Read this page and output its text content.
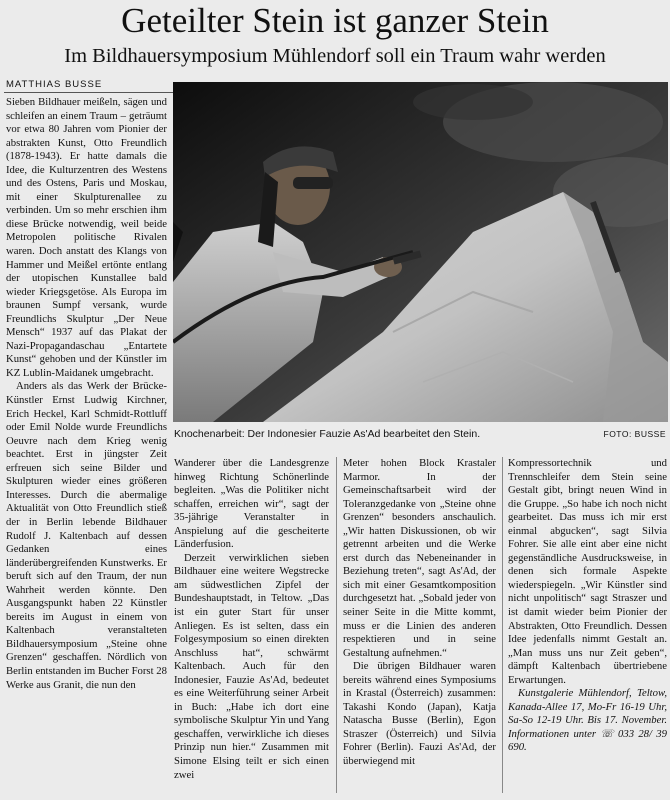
Geteilter Stein ist ganzer Stein
Im Bildhauersymposium Mühlendorf soll ein Traum wahr werden
MATTHIAS BUSSE
Knochenarbeit: Der Indonesier Fauzie As'Ad bearbeitet den Stein.	FOTO: BUSSE

Sieben Bildhauer meißeln, sägen und schleifen an einem Traum – geträumt vor etwa 80 Jahren vom Pionier der abstrakten Kunst, Otto Freundlich (1878-1943). Er hatte damals die Idee, die Kulturzentren des Westens und des Ostens, Paris und Moskau, mit einer Skulpturenallee zu verbinden. Um so mehr erschien ihm diese Brücke notwendig, weil beide Metropolen politische Rivalen waren. Doch anstatt des Klangs von Hammer und Meißel ertönte entlang der utopischen Kunstallee bald wieder Kriegsgetöse. Als Europa im braunen Sumpf versank, wurde Freundlichs Skulptur „Der Neue Mensch“ 1937 auf das Plakat der Nazi-Propagandaschau „Entartete Kunst“ gehoben und der Künstler im KZ Lublin-Maidanek umgebracht.

Anders als das Werk der Brücke-Künstler Ernst Ludwig Kirchner, Erich Heckel, Karl Schmidt-Rottluff oder Emil Nolde wurde Freundlichs Oeuvre nach dem Krieg wenig beachtet. Erst in jüngster Zeit erfreuen sich seine Bilder und Skulpturen wieder eines größeren Interesses. Durch die abermalige Aktualität von Otto Freundlich stieß der in Berlin lebende Bildhauer Rudolf J. Kaltenbach auf dessen Gedanken eines länderübergreifenden Kunstwerks. Er beruft sich auf den Traum, der nun Wahrheit werden könnte. Den Ausgangspunkt haben 22 Künstler bereits im August in einem von Kaltenbach veranstalteten Bildhauersymposium „Steine ohne Grenzen“ geschaffen. Nördlich von Berlin entstanden im Bucher Forst 28 Werke aus Granit, die nun den

Wanderer über die Landesgrenze hinweg Richtung Schönerlinde begleiten. „Was die Politiker nicht schaffen, erreichen wir“, sagt der 35-jährige Veranstalter in Anspielung auf die gescheiterte Länderfusion.

Derzeit verwirklichen sieben Bildhauer eine weitere Wegstrecke am südwestlichen Zipfel der Bundeshauptstadt, in Teltow. „Das ist ein guter Start für unser Anliegen. Es ist selten, dass ein Folgesymposium so einen direkten Anschluss hat“, schwärmt Kaltenbach. Auch für den Indonesier, Fauzie As'Ad, bedeutet es eine Weiterführung seiner Arbeit in Buch: „Habe ich dort eine symbolische Skulptur Yin und Yang geschaffen, verwirkliche ich dieses Prinzip nun hier.“ Zusammen mit Simone Elsing teilt er sich einen zwei

Meter hohen Block Krastaler Marmor. In der Gemeinschaftsarbeit wird der Toleranzgedanke von „Steine ohne Grenzen“ besonders anschaulich. „Wir hatten Diskussionen, ob wir getrennt arbeiten und die Werke erst durch das Nebeneinander in Beziehung treten“, sagt As'Ad, der sich mit einer Gesamtkomposition durchgesetzt hat. „Sobald jeder von seiner Seite in die Mitte kommt, muss er die Linien des anderen respektieren und in seine Gestaltung aufnehmen.“

Die übrigen Bildhauer waren bereits während eines Symposiums in Krastal (Österreich) zusammen: Takashi Kondo (Japan), Katja Natascha Busse (Berlin), Egon Straszer (Österreich) und Silvia Fohrer (Berlin). Fauzi As'Ad, der überwiegend mit

Kompressortechnik und Trennschleifer dem Stein seine Gestalt gibt, bringt neuen Wind in die Gruppe. „So habe ich noch nicht gearbeitet. Das muss ich mir erst einmal abgucken“, sagt Silvia Fohrer. Sie alle eint aber eine nicht gegenständliche Ausdrucksweise, in denen sich formale Aspekte wiederspiegeln. „Wir Künstler sind nicht unpolitisch“ sagt Straszer und ist damit wieder beim Pionier der Abstrakten, Otto Freundlich. Dessen Idee jedenfalls nimmt Gestalt an. „Man muss uns nur Zeit geben“, dämpft Kaltenbach übertriebene Erwartungen.

Kunstgalerie Mühlendorf, Teltow, Kanada-Allee 17, Mo-Fr 16-19 Uhr, Sa-So 12-19 Uhr. Bis 17. November. Informationen unter ☏ 033 28/ 39 690.
